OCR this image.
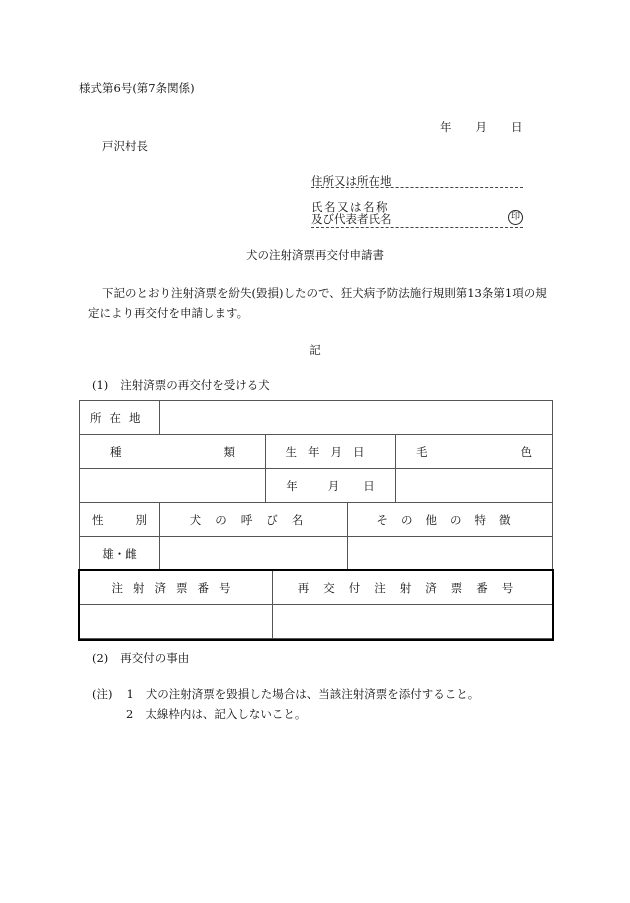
様式第6号(第7条関係)
年 月 日
戸沢村長
住所又は所在地
氏名又は名称
及び代表者氏名	印
犬の注射済票再交付申請書
下記のとおり注射済票を紛失(毀損)したので、狂犬病予防法施行規則第13条第1項の規定により再交付を申請します。
記
(1) 注射済票の再交付を受ける犬
所在地				

種 類		生年月日		毛 色

		年 月 日		

性 別	犬の呼び名		その他の特徴	
雄・雌				
注射済票番号	再交付注射済票番号

(2) 再交付の事由
(注) 1 犬の注射済票を毀損した場合は、当該注射済票を添付すること。
2 太線枠内は、記入しないこと。
